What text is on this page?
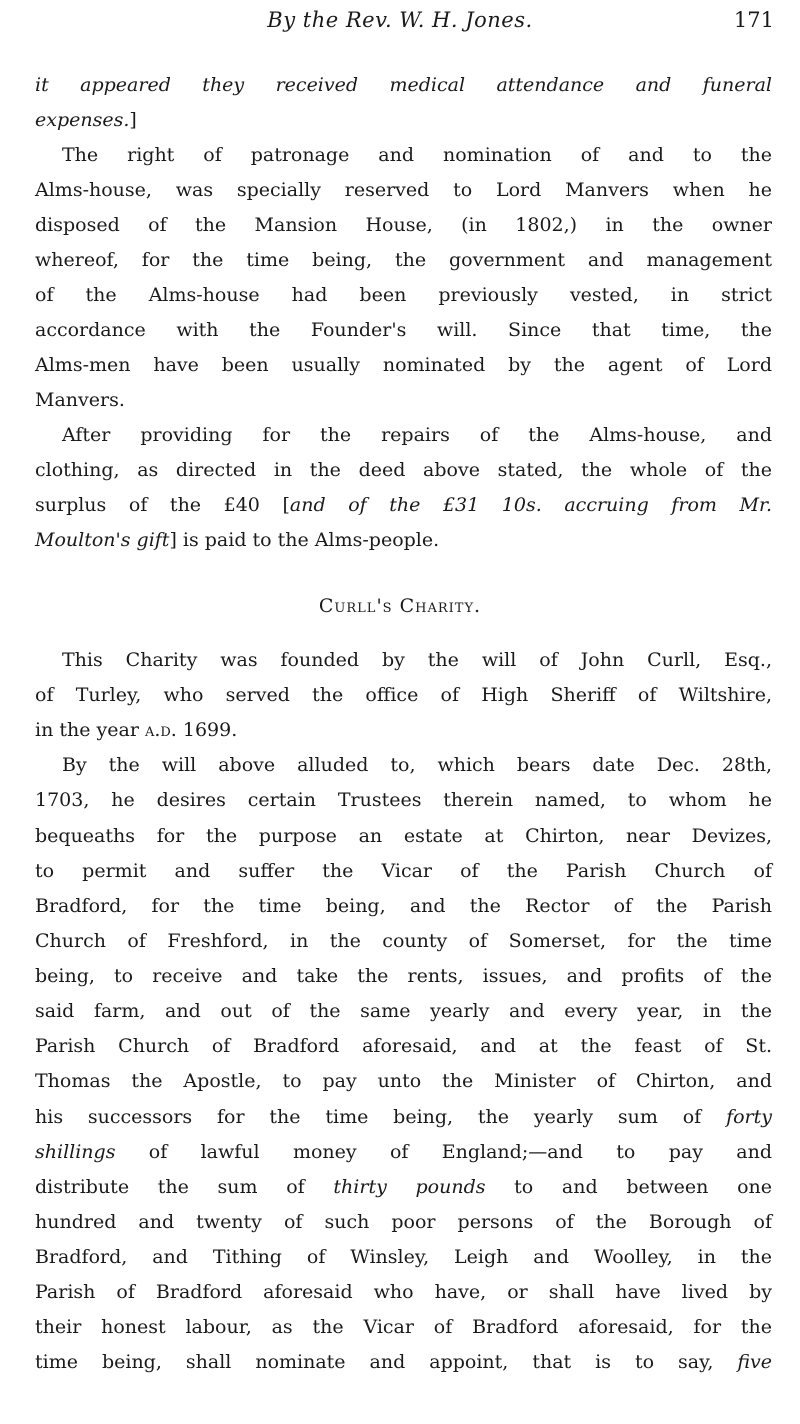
By the Rev. W. H. Jones.	171
Curll's Charity.
it appeared they received medical attendance and funeral
expenses.]
The right of patronage and nomination of and to the
Alms-house, was specially reserved to Lord Manvers when he
disposed of the Mansion House, (in 1802,) in the owner
whereof, for the time being, the government and management
of the Alms-house had been previously vested, in strict
accordance with the Founder's will. Since that time, the
Alms-men have been usually nominated by the agent of Lord
Manvers.
After providing for the repairs of the Alms-house, and
clothing, as directed in the deed above stated, the whole of the
surplus of the £40 [and of the £31 10s. accruing from Mr.
Moulton's gift] is paid to the Alms-people.
This Charity was founded by the will of John Curll, Esq.,
of Turley, who served the office of High Sheriff of Wiltshire,
in the year a.d. 1699.
By the will above alluded to, which bears date Dec. 28th,
1703, he desires certain Trustees therein named, to whom he
bequeaths for the purpose an estate at Chirton, near Devizes,
to permit and suffer the Vicar of the Parish Church of
Bradford, for the time being, and the Rector of the Parish
Church of Freshford, in the county of Somerset, for the time
being, to receive and take the rents, issues, and profits of the
said farm, and out of the same yearly and every year, in the
Parish Church of Bradford aforesaid, and at the feast of St.
Thomas the Apostle, to pay unto the Minister of Chirton, and
his successors for the time being, the yearly sum of forty
shillings of lawful money of England;—and to pay and
distribute the sum of thirty pounds to and between one
hundred and twenty of such poor persons of the Borough of
Bradford, and Tithing of Winsley, Leigh and Woolley, in the
Parish of Bradford aforesaid who have, or shall have lived by
their honest labour, as the Vicar of Bradford aforesaid, for the
time being, shall nominate and appoint, that is to say, five
